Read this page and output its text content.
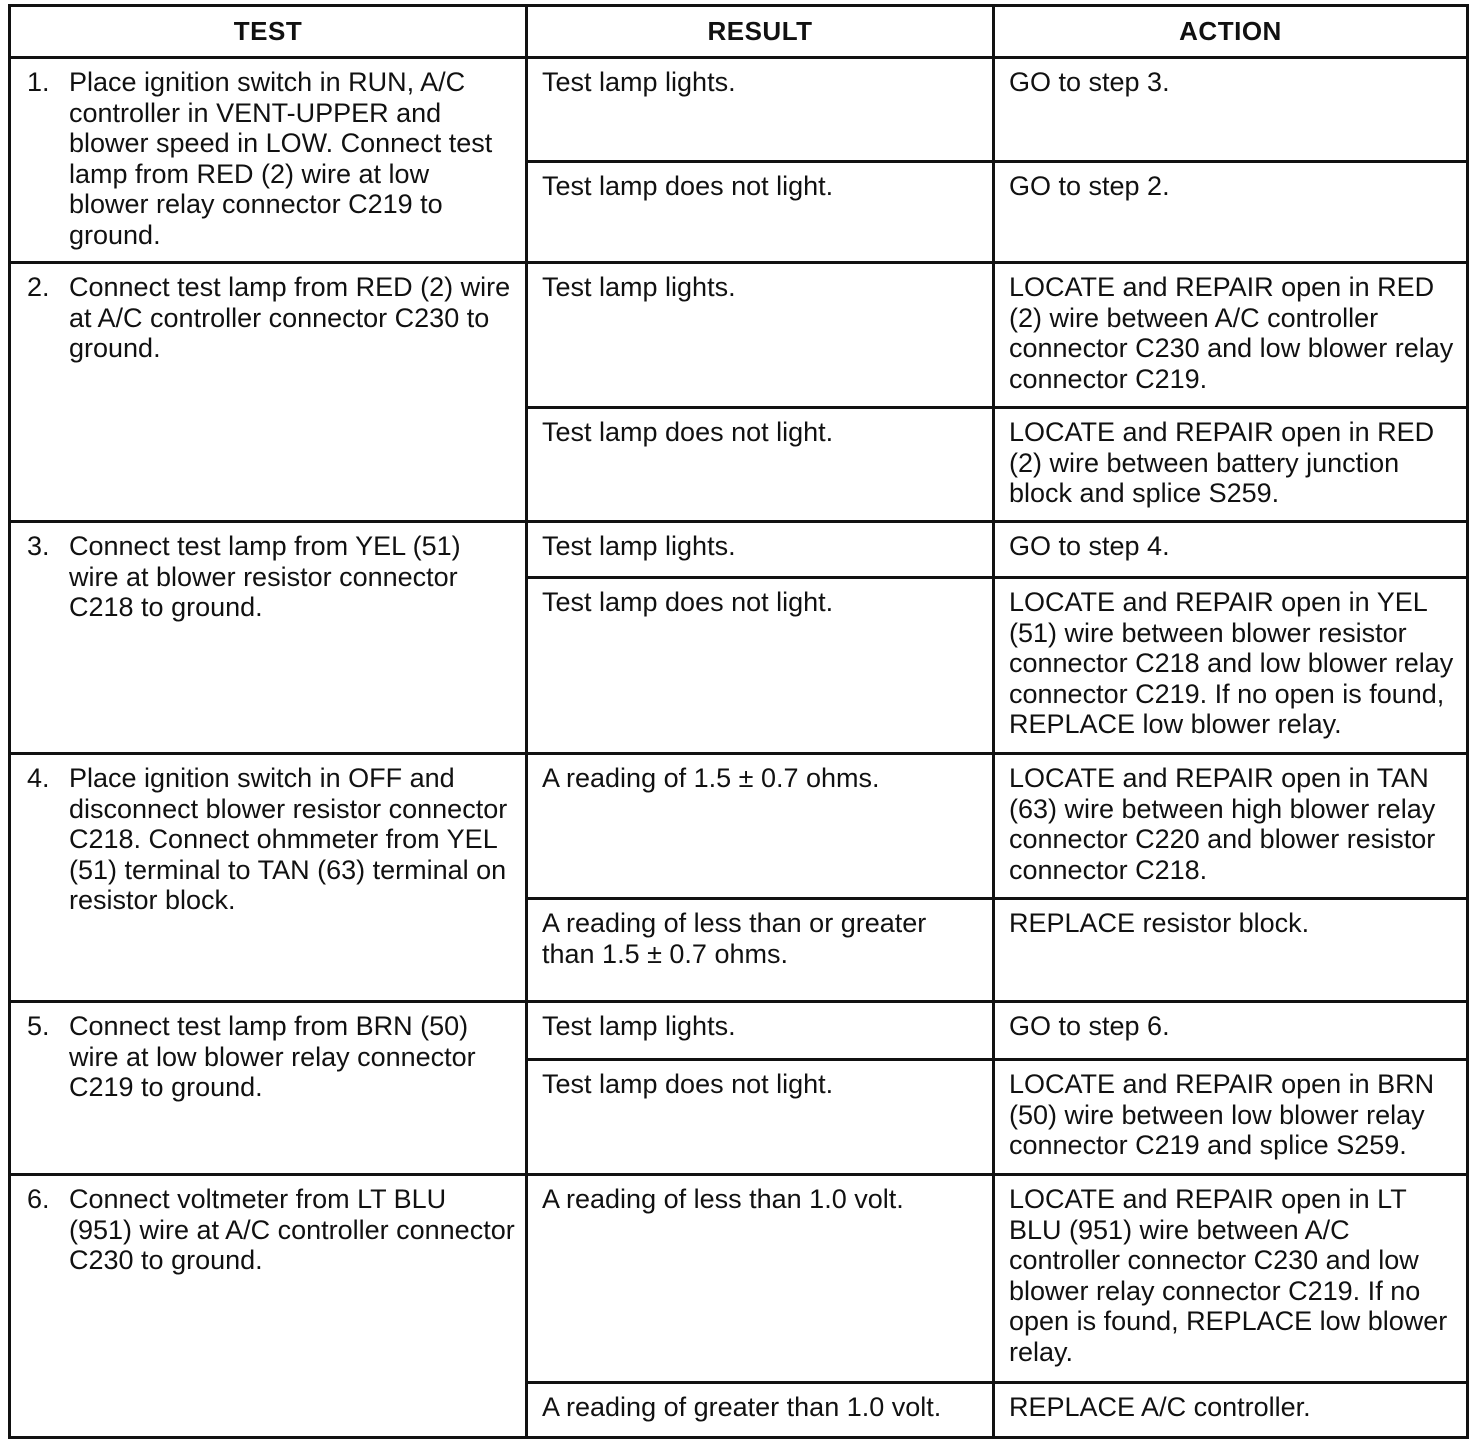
TEST	RESULT	ACTION

1. Place ignition switch in RUN, A/C controller in VENT-UPPER and blower speed in LOW. Connect test lamp from RED (2) wire at low blower relay connector C219 to ground.	Test lamp lights.	GO to step 3.
	Test lamp does not light.	GO to step 2.

2. Connect test lamp from RED (2) wire at A/C controller connector C230 to ground.	Test lamp lights.	LOCATE and REPAIR open in RED (2) wire between A/C controller connector C230 and low blower relay connector C219.
	Test lamp does not light.	LOCATE and REPAIR open in RED (2) wire between battery junction block and splice S259.

3. Connect test lamp from YEL (51) wire at blower resistor connector C218 to ground.	Test lamp lights.	GO to step 4.
	Test lamp does not light.	LOCATE and REPAIR open in YEL (51) wire between blower resistor connector C218 and low blower relay connector C219. If no open is found, REPLACE low blower relay.

4. Place ignition switch in OFF and disconnect blower resistor connector C218. Connect ohmmeter from YEL (51) terminal to TAN (63) terminal on resistor block.	A reading of 1.5 ± 0.7 ohms.	LOCATE and REPAIR open in TAN (63) wire between high blower relay connector C220 and blower resistor connector C218.
	A reading of less than or greater than 1.5 ± 0.7 ohms.	REPLACE resistor block.

5. Connect test lamp from BRN (50) wire at low blower relay connector C219 to ground.	Test lamp lights.	GO to step 6.
	Test lamp does not light.	LOCATE and REPAIR open in BRN (50) wire between low blower relay connector C219 and splice S259.

6. Connect voltmeter from LT BLU (951) wire at A/C controller connector C230 to ground.	A reading of less than 1.0 volt.	LOCATE and REPAIR open in LT BLU (951) wire between A/C controller connector C230 and low blower relay connector C219. If no open is found, REPLACE low blower relay.
	A reading of greater than 1.0 volt.	REPLACE A/C controller.
